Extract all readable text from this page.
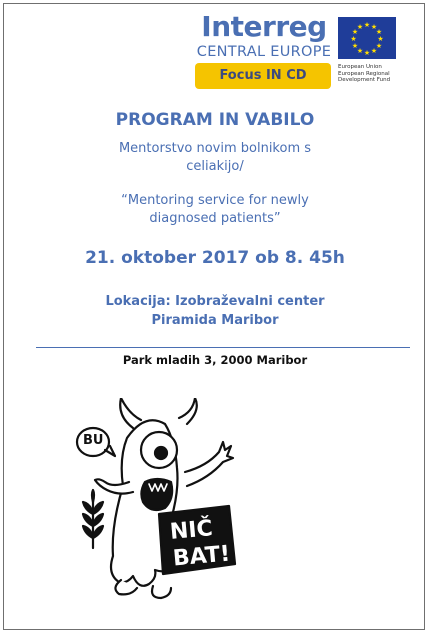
Interreg
CENTRAL EUROPE
Focus IN CD
★ ★
★
★
★
★
★
★
★
★
★
★
European Union
European Regional
Development Fund
PROGRAM IN VABILO
Mentorstvo novim bolnikom s
celiakijo/
“Mentoring service for newly
diagnosed patients”
21. oktober 2017 ob 8. 45h
Lokacija: Izobraževalni center
Piramida Maribor
Park mladih 3, 2000 Maribor
BU
NIČ
BAT!
